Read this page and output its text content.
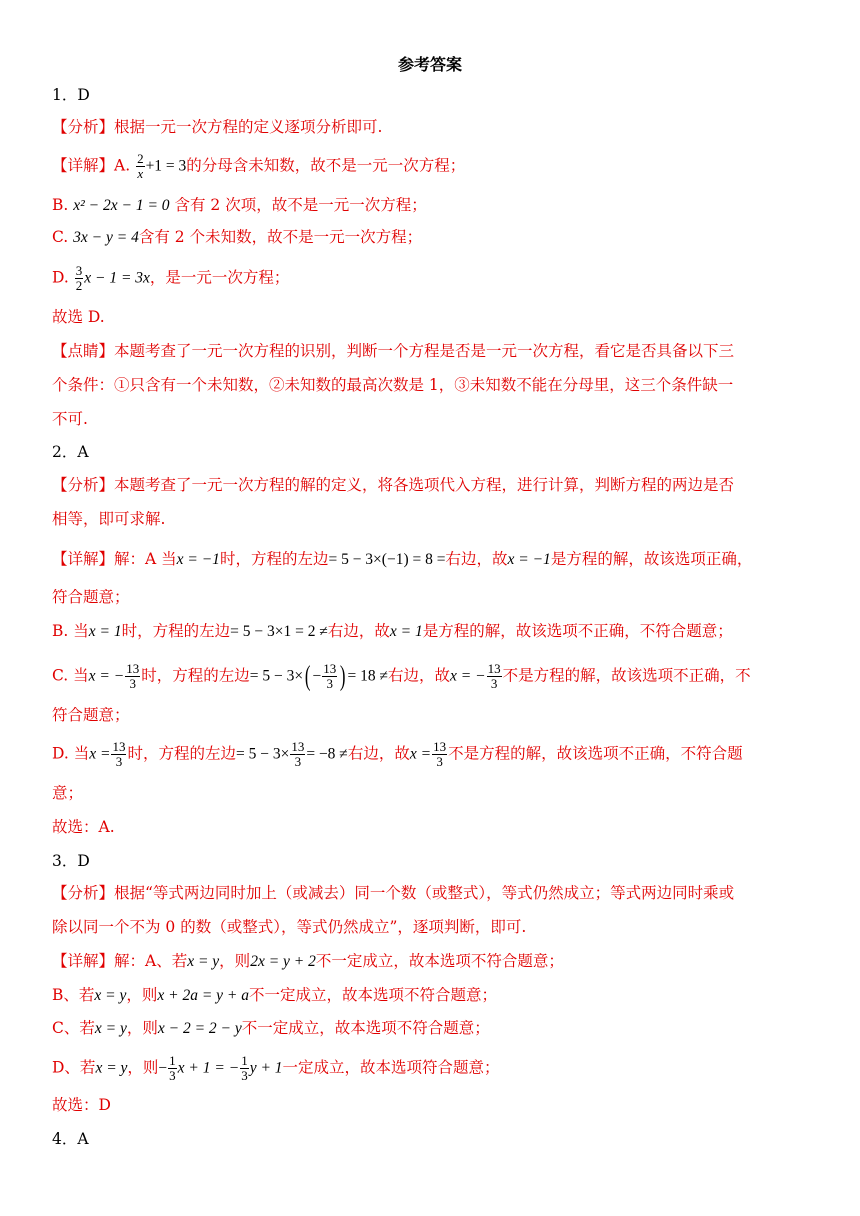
参考答案
1．D
【分析】根据一元一次方程的定义逐项分析即可.
【详解】A. $\frac{2}{x} +1 = 3$的分母含未知数，故不是一元一次方程；
B. x² − 2x − 1 = 0 含有 2 次项，故不是一元一次方程；
C. 3x − y = 4含有 2 个未知数，故不是一元一次方程；
D. $\frac{3}{2}$ x − 1 = 3x，是一元一次方程；
故选 D.
【点睛】本题考查了一元一次方程的识别，判断一个方程是否是一元一次方程，看它是否具备以下三
个条件：①只含有一个未知数，②未知数的最高次数是 1，③未知数不能在分母里，这三个条件缺一
不可.
2．A
【分析】本题考查了一元一次方程的解的定义，将各选项代入方程，进行计算，判断方程的两边是否
相等，即可求解.
【详解】解：A 当x = −1时，方程的左边= 5 − 3×(−1) = 8 =右边，故x = −1是方程的解，故该选项正确，
符合题意；
B. 当x = 1时，方程的左边= 5 − 3×1 = 2 ≠右边，故x = 1是方程的解，故该选项不正确，不符合题意；
C. 当x = − $\frac{13}{3}$ 时，方程的左边= $5 - 3\times( - \frac{13}{3}$ ) = 18 ≠右边，故x = − $\frac{13}{3}$ 不是方程的解，故该选项不正确，不
符合题意；
D. 当$x = \frac{13}{3}$ 时，方程的左边= $5 - 3\times \frac{13}{3} = -8$ ≠右边，故$x = \frac{13}{3}$ 不是方程的解，故该选项不正确，不符合题
意；
故选：A.
3．D
【分析】根据“等式两边同时加上（或减去）同一个数（或整式），等式仍然成立；等式两边同时乘或
除以同一个不为 0 的数（或整式），等式仍然成立”，逐项判断，即可.
【详解】解：A、若x = y，则2x = y + 2不一定成立，故本选项不符合题意；
B、若x = y，则x + 2a = y + a不一定成立，故本选项不符合题意；
C、若x = y，则x − 2 = 2 − y不一定成立，故本选项不符合题意；
D、若x = y，则− $\frac{1}{3}$ x + 1 = − $\frac{1}{3}$ y + 1一定成立，故本选项符合题意；
故选：D
4．A
